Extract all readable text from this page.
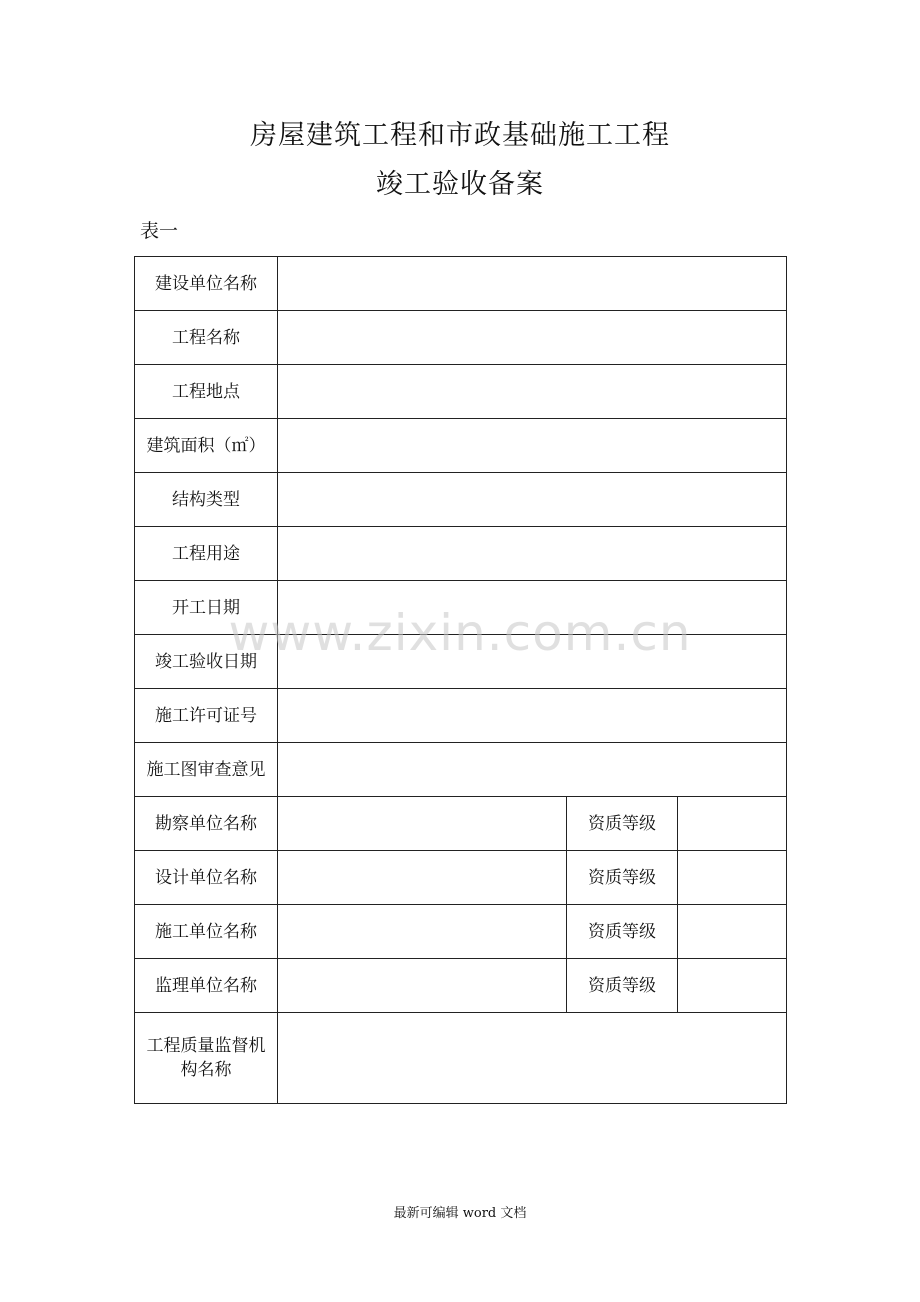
房屋建筑工程和市政基础施工工程
竣工验收备案
表一
建设单位名称			
工程名称			
工程地点			
建筑面积（㎡）			
结构类型			
工程用途			
开工日期			
竣工验收日期			
施工许可证号			
施工图审查意见			
勘察单位名称		资质等级	
设计单位名称		资质等级	
施工单位名称		资质等级	
监理单位名称		资质等级	
工程质量监督机构名称			
www.zixin.com.cn
最新可编辑 word 文档
